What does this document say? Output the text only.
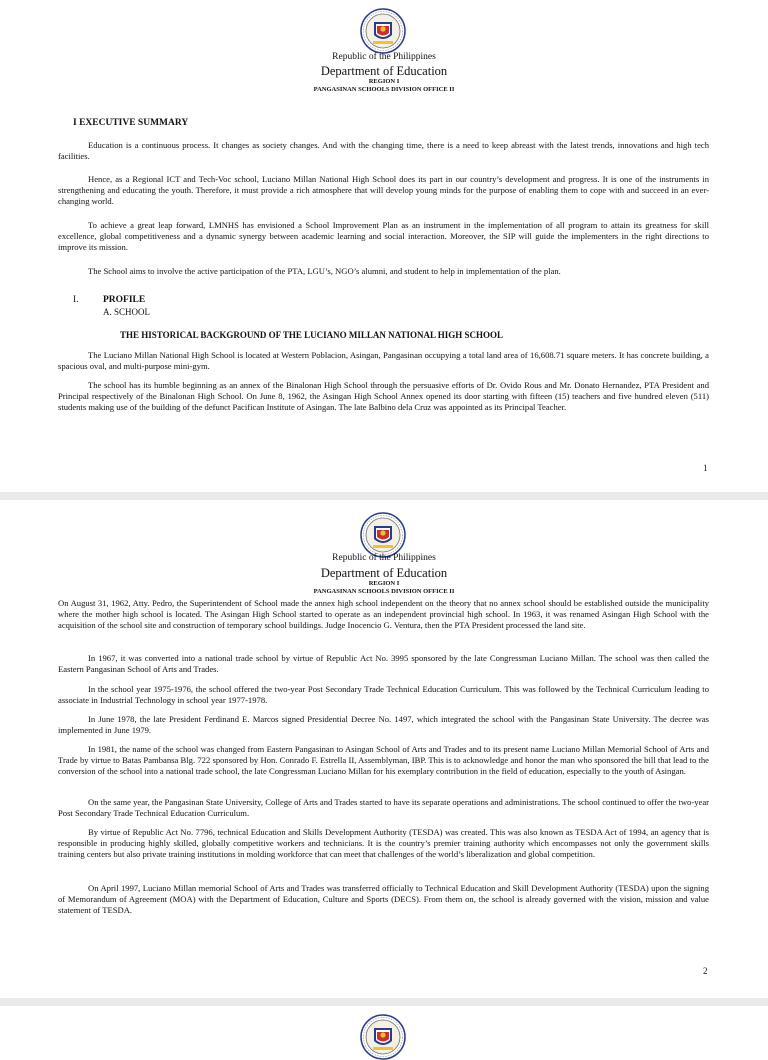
Republic of the Philippines
Department of Education
REGION I
PANGASINAN SCHOOLS DIVISION OFFICE II
I EXECUTIVE SUMMARY
Education is a continuous process. It changes as society changes. And with the changing time, there is a need to keep abreast with the latest trends, innovations and high tech facilities.
Hence, as a Regional ICT and Tech-Voc school, Luciano Millan National High School does its part in our country’s development and progress. It is one of the instruments in strengthening and educating the youth. Therefore, it must provide a rich atmosphere that will develop young minds for the purpose of enabling them to cope with and succeed in an ever-changing world.
To achieve a great leap forward, LMNHS has envisioned a School Improvement Plan as an instrument in the implementation of all program to attain its greatness for skill excellence, global competitiveness and a dynamic synergy between academic learning and social interaction. Moreover, the SIP will guide the implementers in the right directions to improve its mission.
The School aims to involve the active participation of the PTA, LGU’s, NGO’s alumni, and student to help in implementation of the plan.
I.	PROFILE
A. SCHOOL
THE HISTORICAL BACKGROUND OF THE LUCIANO MILLAN NATIONAL HIGH SCHOOL
The Luciano Millan National High School is located at Western Poblacion, Asingan, Pangasinan occupying a total land area of 16,608.71 square meters. It has concrete building, a spacious oval, and multi-purpose mini-gym.
The school has its humble beginning as an annex of the Binalonan High School through the persuasive efforts of Dr. Ovido Rous and Mr. Donato Hernandez, PTA President and Principal respectively of the Binalonan High School. On June 8, 1962, the Asingan High School Annex opened its door starting with fifteen (15) teachers and five hundred eleven (511) students making use of the building of the defunct Pacifican Institute of Asingan. The late Balbino dela Cruz was appointed as its Principal Teacher.
1
Republic of the Philippines
Department of Education
REGION I
PANGASINAN SCHOOLS DIVISION OFFICE II
On August 31, 1962, Atty. Pedro, the Superintendent of School made the annex high school independent on the theory that no annex school should be established outside the municipality where the mother high school is located. The Asingan High School started to operate as an independent provincial high school. In 1963, it was renamed Asingan High School with the acquisition of the school site and construction of temporary school buildings. Judge Inocencio G. Ventura, then the PTA President processed the land site.
In 1967, it was converted into a national trade school by virtue of Republic Act No. 3995 sponsored by the late Congressman Luciano Millan. The school was then called the Eastern Pangasinan School of Arts and Trades.
In the school year 1975-1976, the school offered the two-year Post Secondary Trade Technical Education Curriculum. This was followed by the Technical Curriculum leading to associate in Industrial Technology in school year 1977-1978.
In June 1978, the late President Ferdinand E. Marcos signed Presidential Decree No. 1497, which integrated the school with the Pangasinan State University. The decree was implemented in June 1979.
In 1981, the name of the school was changed from Eastern Pangasinan to Asingan School of Arts and Trades and to its present name Luciano Millan Memorial School of Arts and Trade by virtue to Batas Pambansa Blg. 722 sponsored by Hon. Conrado F. Estrella II, Assemblyman, IBP. This is to acknowledge and honor the man who sponsored the bill that lead to the conversion of the school into a national trade school, the late Congressman Luciano Millan for his exemplary contribution in the field of education, especially to the youth of Asingan.
On the same year, the Pangasinan State University, College of Arts and Trades started to have its separate operations and administrations. The school continued to offer the two-year Post Secondary Trade Technical Education Curriculum.
By virtue of Republic Act No. 7796, technical Education and Skills Development Authority (TESDA) was created. This was also known as TESDA Act of 1994, an agency that is responsible in producing highly skilled, globally competitive workers and technicians. It is the country’s premier training authority which encompasses not only the government skills training centers but also private training institutions in molding workforce that can meet that challenges of the world’s liberalization and global competition.
On April 1997, Luciano Millan memorial School of Arts and Trades was transferred officially to Technical Education and Skill Development Authority (TESDA) upon the signing of Memorandum of Agreement (MOA) with the Department of Education, Culture and Sports (DECS). From them on, the school is already governed with the vision, mission and value statement of TESDA.
2
